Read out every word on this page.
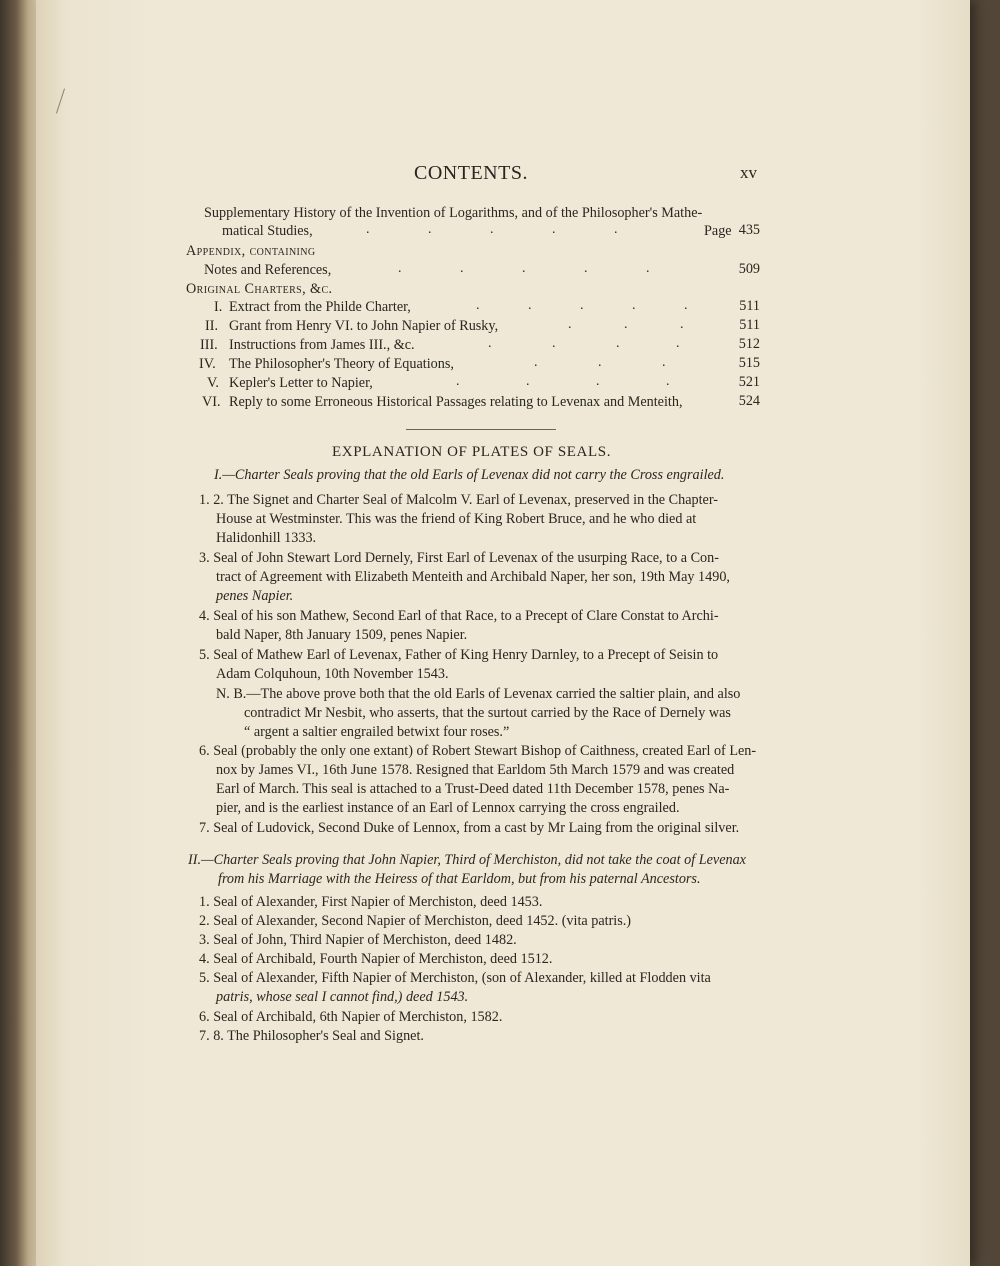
CONTENTS.	xv
Supplementary History of the Invention of Logarithms, and of the Philosopher's Mathe-
matical Studies,	.	.	.	.	.	Page 435
Appendix, containing
Notes and References,	.	.	.	.	.	509
Original Charters, &c.
I. Extract from the Philde Charter,	.	.	.	.	.	511
II. Grant from Henry VI. to John Napier of Rusky,	.	.	.	511
III. Instructions from James III., &c.	.	.	.	.	512
IV. The Philosopher's Theory of Equations,	.	.	.	515
V. Kepler's Letter to Napier,	.	.	.	.	521
VI. Reply to some Erroneous Historical Passages relating to Levenax and Menteith,	524
EXPLANATION OF PLATES OF SEALS.
I.—Charter Seals proving that the old Earls of Levenax did not carry the Cross engrailed.
1. 2. The Signet and Charter Seal of Malcolm V. Earl of Levenax, preserved in the Chapter-
House at Westminster. This was the friend of King Robert Bruce, and he who died at
Halidonhill 1333.
3. Seal of John Stewart Lord Dernely, First Earl of Levenax of the usurping Race, to a Con-
tract of Agreement with Elizabeth Menteith and Archibald Naper, her son, 19th May 1490,
penes Napier.
4. Seal of his son Mathew, Second Earl of that Race, to a Precept of Clare Constat to Archi-
bald Naper, 8th January 1509, penes Napier.
5. Seal of Mathew Earl of Levenax, Father of King Henry Darnley, to a Precept of Seisin to
Adam Colquhoun, 10th November 1543.
N. B.—The above prove both that the old Earls of Levenax carried the saltier plain, and also
contradict Mr Nesbit, who asserts, that the surtout carried by the Race of Dernely was
“ argent a saltier engrailed betwixt four roses.”
6. Seal (probably the only one extant) of Robert Stewart Bishop of Caithness, created Earl of Len-
nox by James VI., 16th June 1578. Resigned that Earldom 5th March 1579 and was created
Earl of March. This seal is attached to a Trust-Deed dated 11th December 1578, penes Na-
pier, and is the earliest instance of an Earl of Lennox carrying the cross engrailed.
7. Seal of Ludovick, Second Duke of Lennox, from a cast by Mr Laing from the original silver.
II.—Charter Seals proving that John Napier, Third of Merchiston, did not take the coat of Levenax
from his Marriage with the Heiress of that Earldom, but from his paternal Ancestors.
1. Seal of Alexander, First Napier of Merchiston, deed 1453.
2. Seal of Alexander, Second Napier of Merchiston, deed 1452. (vita patris.)
3. Seal of John, Third Napier of Merchiston, deed 1482.
4. Seal of Archibald, Fourth Napier of Merchiston, deed 1512.
5. Seal of Alexander, Fifth Napier of Merchiston, (son of Alexander, killed at Flodden vita
patris, whose seal I cannot find,) deed 1543.
6. Seal of Archibald, 6th Napier of Merchiston, 1582.
7. 8. The Philosopher's Seal and Signet.
